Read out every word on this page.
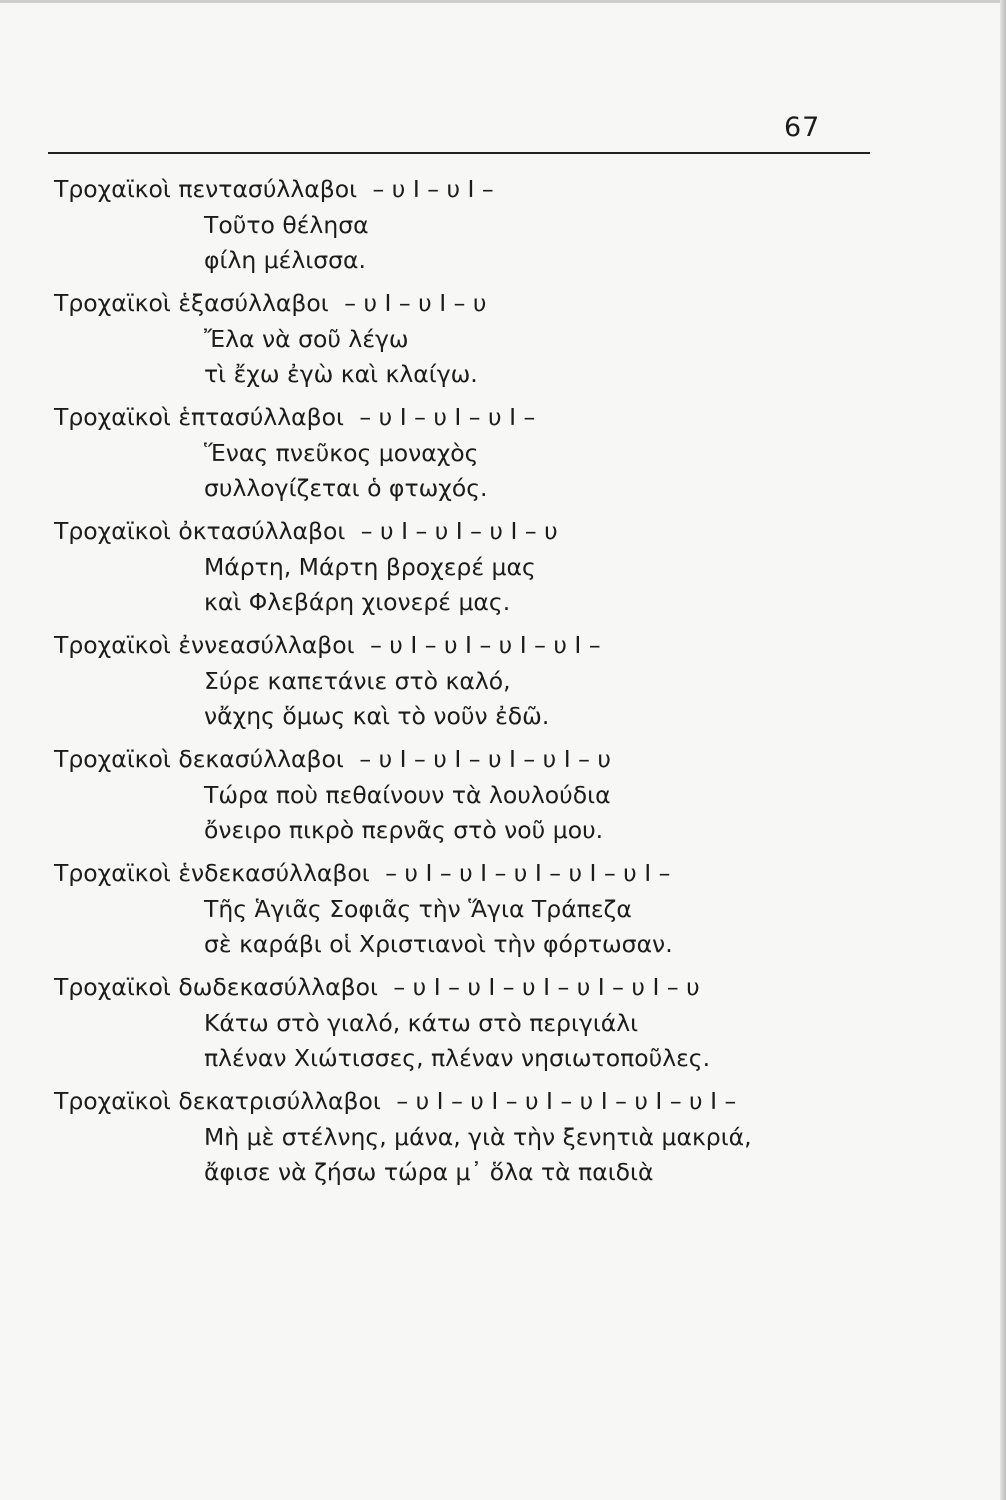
67
Τροχαϊκοὶ πεντασύλλαβοι – υ Ι – υ Ι –
Τοῦτο θέλησα
φίλη μέλισσα.
Τροχαϊκοὶ ἑξασύλλαβοι – υ Ι – υ Ι – υ
Ἔλα νὰ σοῦ λέγω
τὶ ἔχω ἐγὼ καὶ κλαίγω.
Τροχαϊκοὶ ἑπτασύλλαβοι – υ Ι – υ Ι – υ Ι –
Ἕνας πνεῦκος μοναχὸς
συλλογίζεται ὁ φτωχός.
Τροχαϊκοὶ ὀκτασύλλαβοι – υ Ι – υ Ι – υ Ι – υ
Μάρτη, Μάρτη βροχερέ μας
καὶ Φλεβάρη χιονερέ μας.
Τροχαϊκοὶ ἐννεασύλλαβοι – υ Ι – υ Ι – υ Ι – υ Ι –
Σύρε καπετάνιε στὸ καλό,
νἄχης ὅμως καὶ τὸ νοῦν ἐδῶ.
Τροχαϊκοὶ δεκασύλλαβοι – υ Ι – υ Ι – υ Ι – υ Ι – υ
Τώρα ποὺ πεθαίνουν τὰ λουλούδια
ὄνειρο πικρὸ περνᾶς στὸ νοῦ μου.
Τροχαϊκοὶ ἑνδεκασύλλαβοι – υ Ι – υ Ι – υ Ι – υ Ι – υ Ι –
Τῆς Ἁγιᾶς Σοφιᾶς τὴν Ἅγια Τράπεζα
σὲ καράβι οἱ Χριστιανοὶ τὴν φόρτωσαν.
Τροχαϊκοὶ δωδεκασύλλαβοι – υ Ι – υ Ι – υ Ι – υ Ι – υ Ι – υ
Κάτω στὸ γιαλό, κάτω στὸ περιγιάλι
πλέναν Χιώτισσες, πλέναν νησιωτοποῦλες.
Τροχαϊκοὶ δεκατρισύλλαβοι – υ Ι – υ Ι – υ Ι – υ Ι – υ Ι – υ Ι –
Μὴ μὲ στέλνης, μάνα, γιὰ τὴν ξενητιὰ μακριά,
ἄφισε νὰ ζήσω τώρα μ᾽ ὅλα τὰ παιδιὰ
